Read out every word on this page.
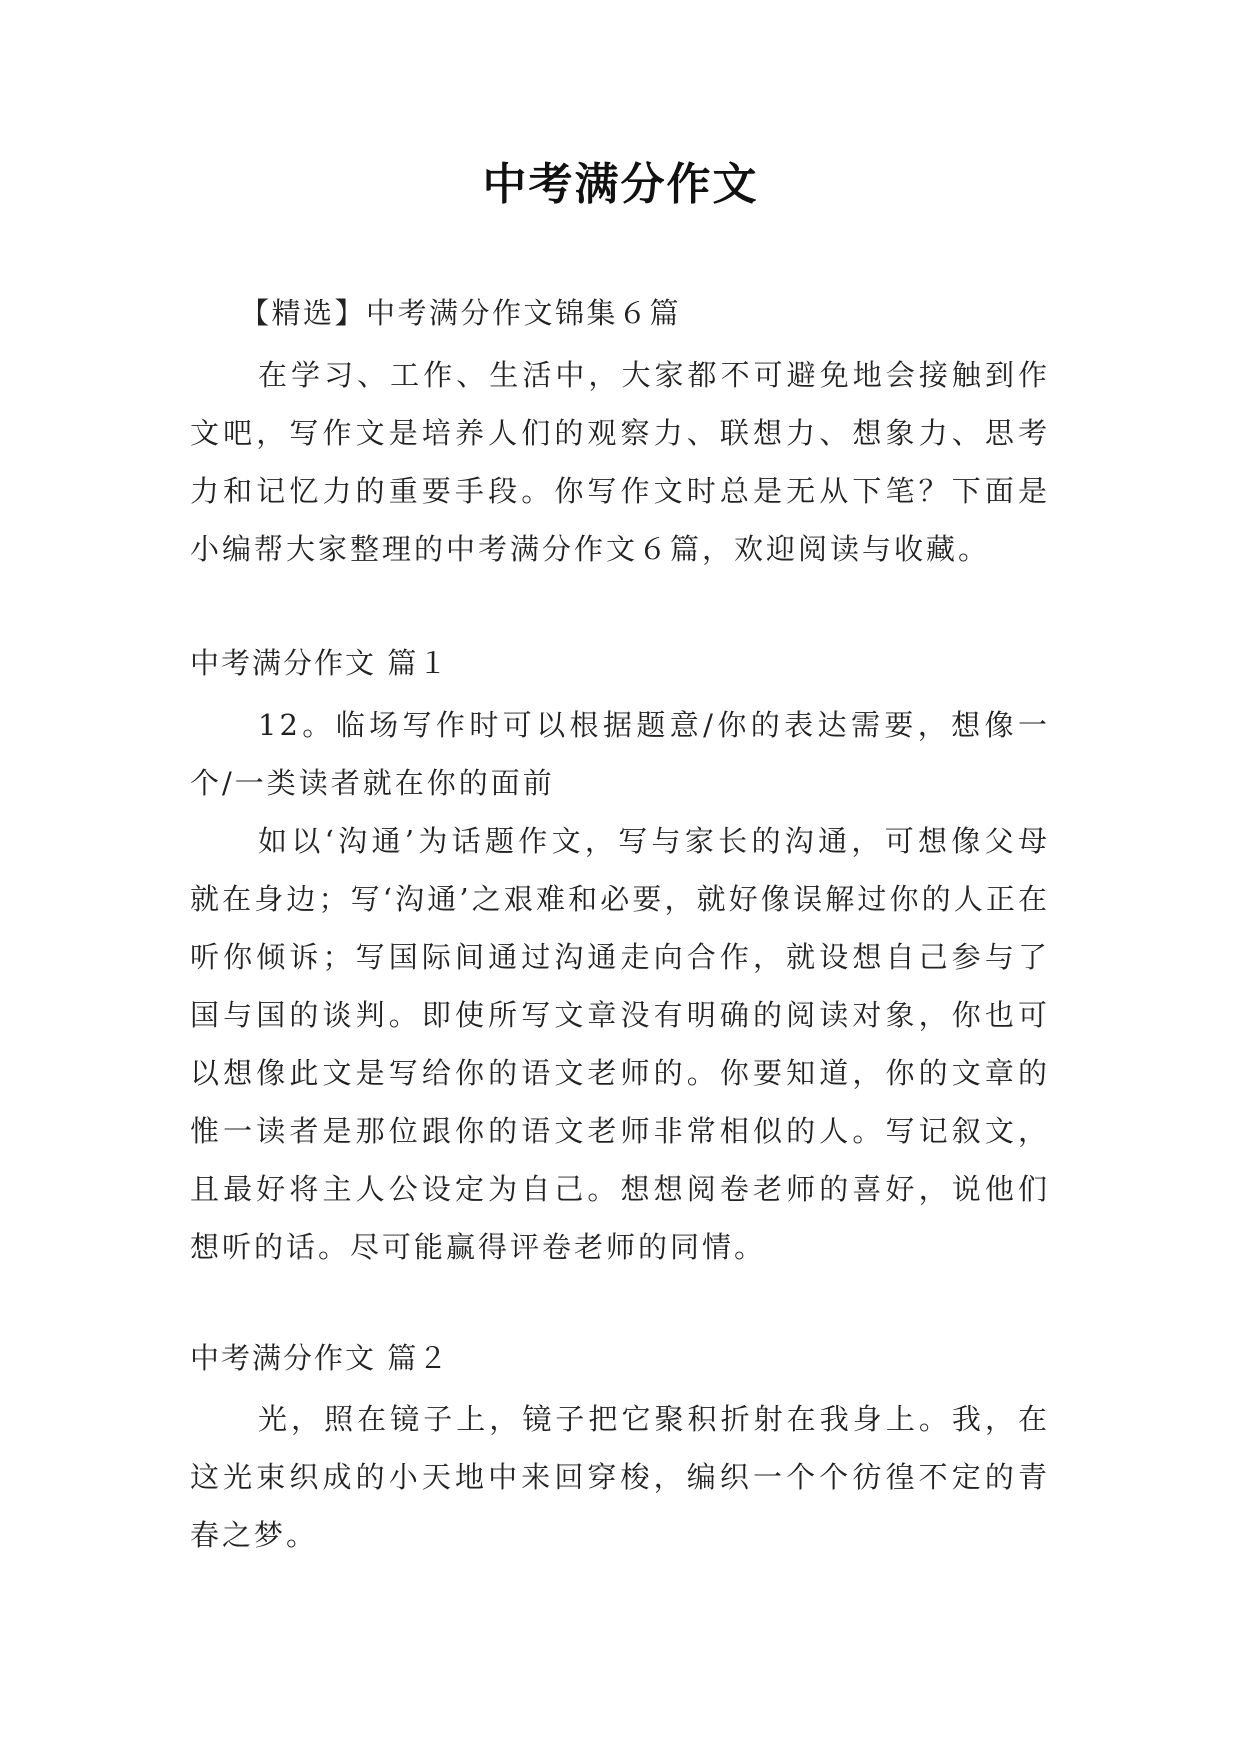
中考满分作文
【精选】中考满分作文锦集６篇

在学习、工作、生活中，大家都不可避免地会接触到作文吧，写作文是培养人们的观察力、联想力、想象力、思考力和记忆力的重要手段。你写作文时总是无从下笔？下面是小编帮大家整理的中考满分作文６篇，欢迎阅读与收藏。

中考满分作文 篇１

12。临场写作时可以根据题意/你的表达需要，想像一个/一类读者就在你的面前

如以‘沟通’为话题作文，写与家长的沟通，可想像父母就在身边；写‘沟通’之艰难和必要，就好像误解过你的人正在听你倾诉；写国际间通过沟通走向合作，就设想自己参与了国与国的谈判。即使所写文章没有明确的阅读对象，你也可以想像此文是写给你的语文老师的。你要知道，你的文章的惟一读者是那位跟你的语文老师非常相似的人。写记叙文，且最好将主人公设定为自己。想想阅卷老师的喜好，说他们想听的话。尽可能赢得评卷老师的同情。

中考满分作文 篇２

光，照在镜子上，镜子把它聚积折射在我身上。我，在这光束织成的小天地中来回穿梭，编织一个个彷徨不定的青春之梦。
